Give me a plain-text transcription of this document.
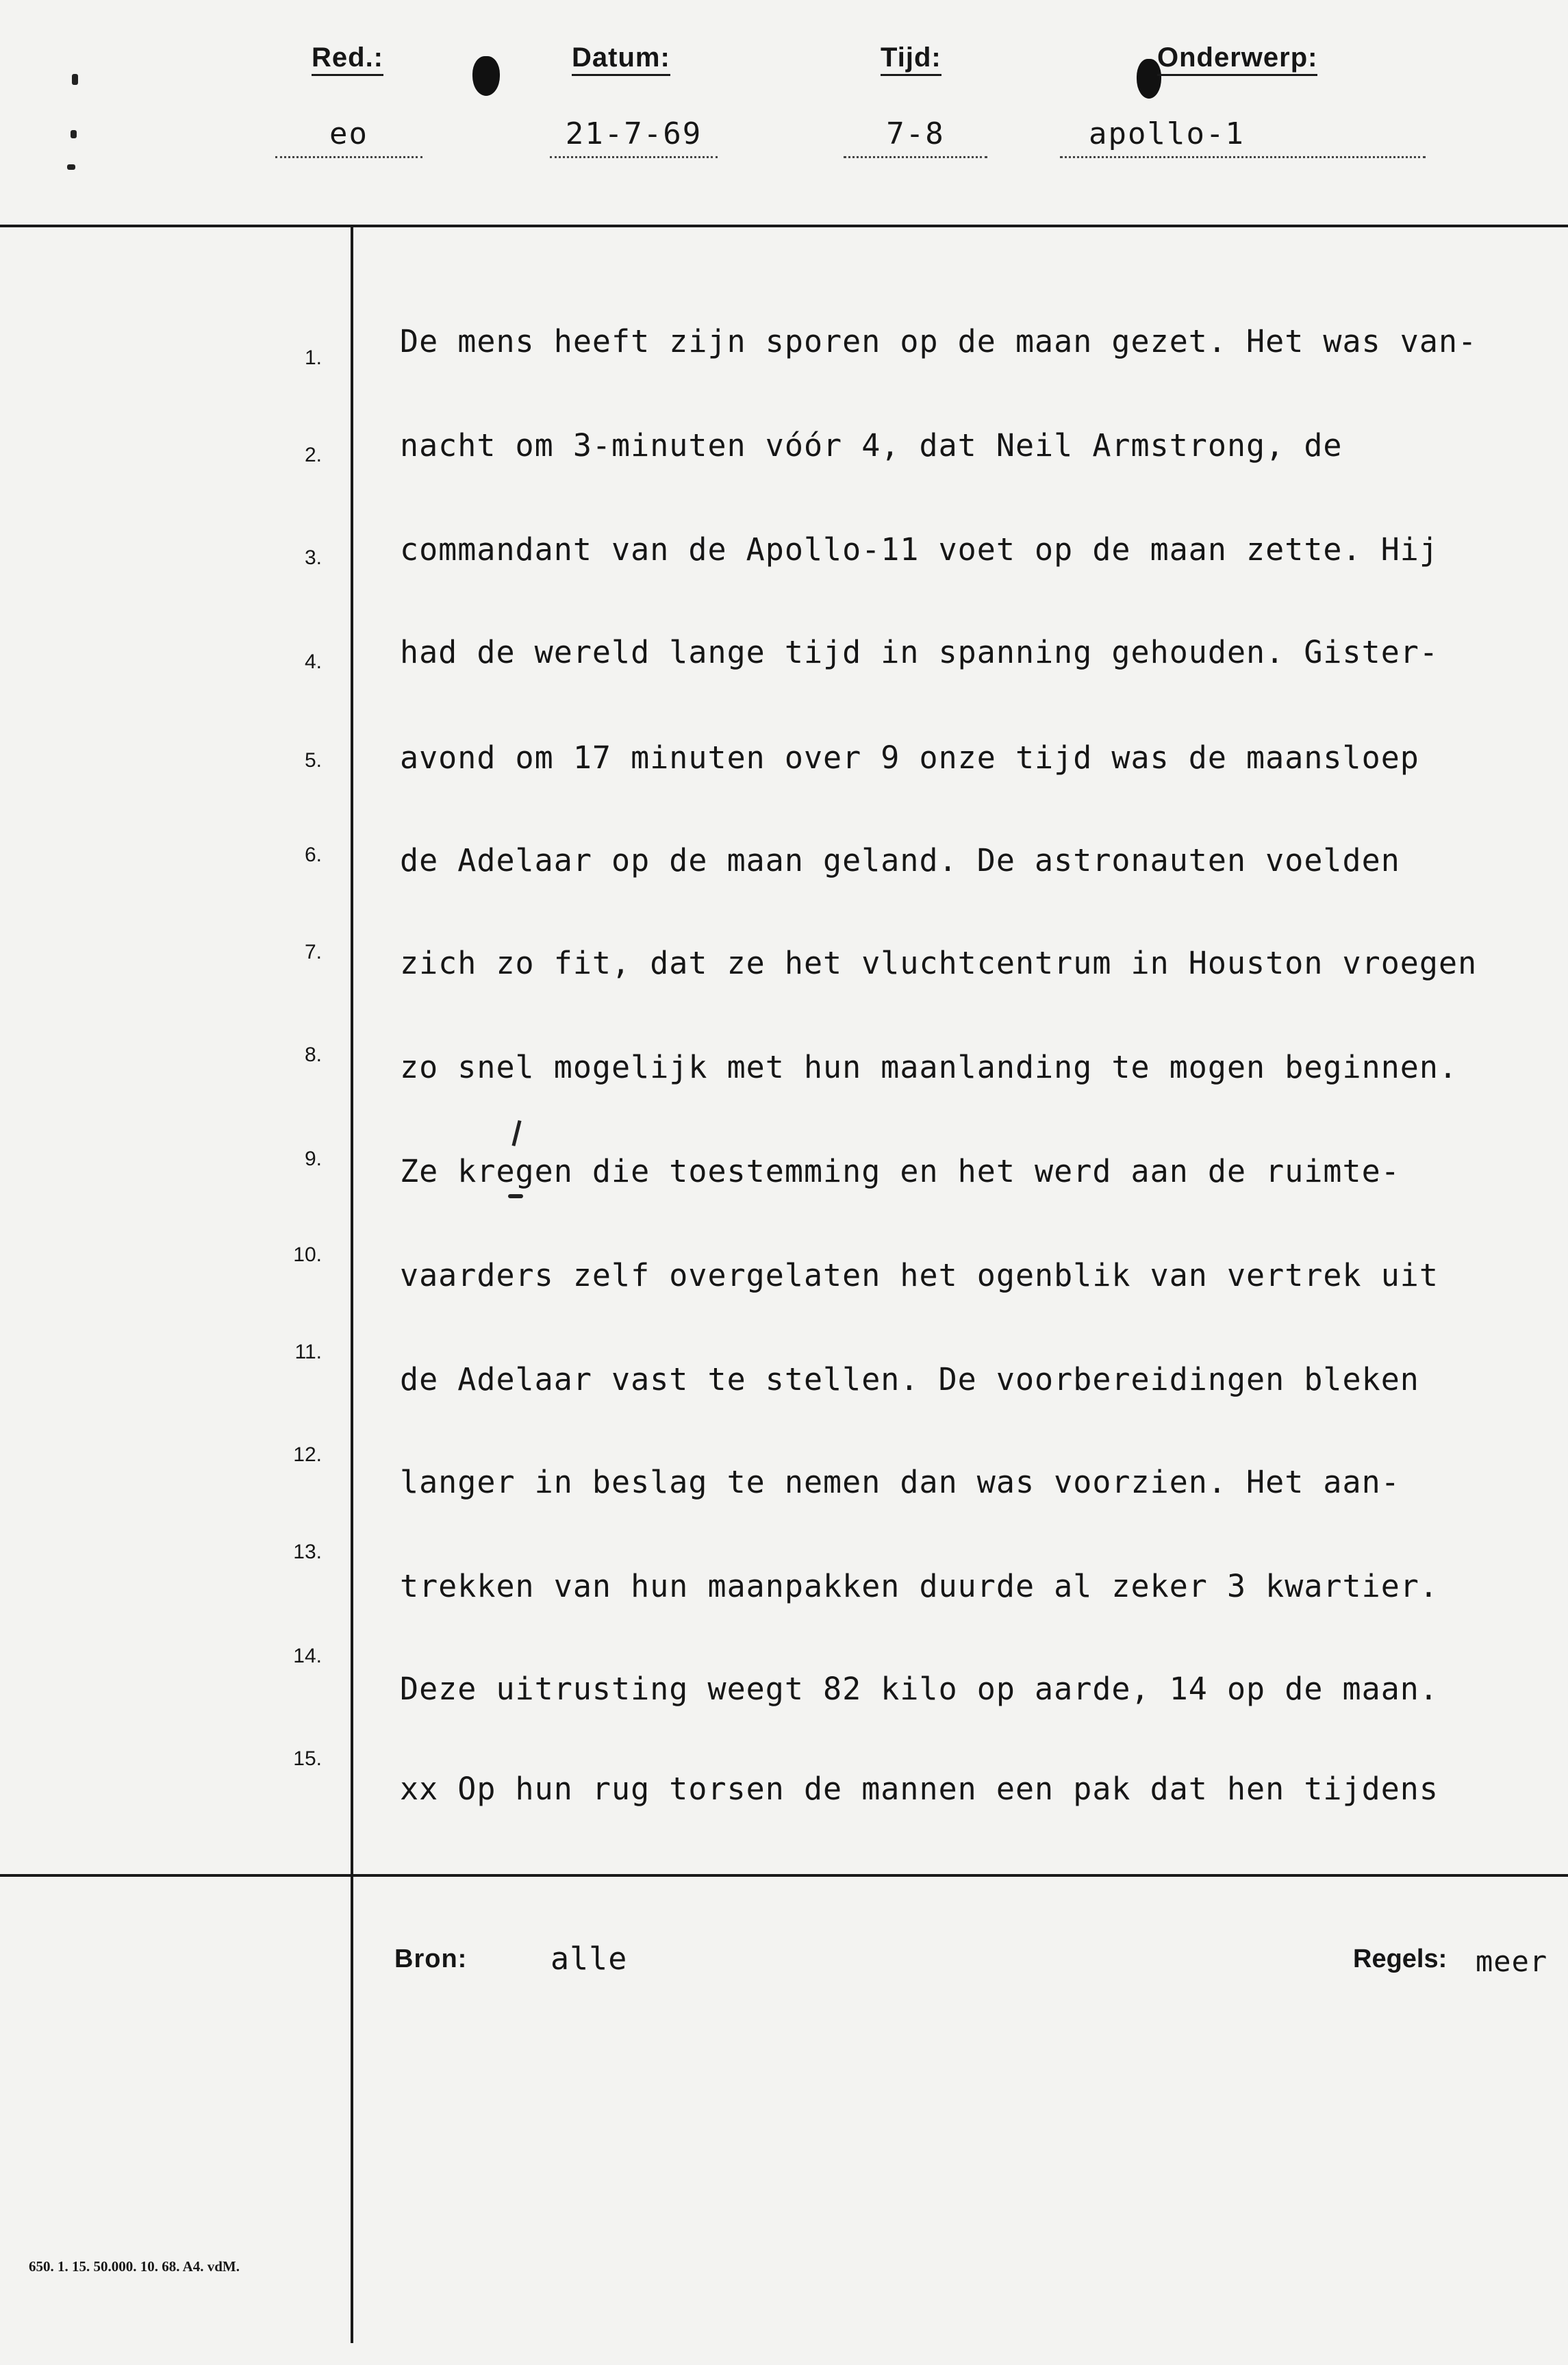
Red.:
eo
Datum:
21-7-69
Tijd:
7-8
Onderwerp:
apollo-1
1.	De mens heeft zijn sporen op de maan gezet. Het was van-
2.	nacht om 3-minuten vóór 4, dat Neil Armstrong, de
3.	commandant van de Apollo-11 voet op de maan zette. Hij
4.	had de wereld lange tijd in spanning gehouden. Gister-
5.	avond om 17 minuten over 9 onze tijd was de maansloep
6.	de Adelaar op de maan geland. De astronauten voelden
7.	zich zo fit, dat ze het vluchtcentrum in Houston vroegen
8.	zo snel mogelijk met hun maanlanding te mogen beginnen.
9.	Ze kregen die toestemming en het werd aan de ruimte-
10.
vaarders zelf overgelaten het ogenblik van vertrek uit
11.
de Adelaar vast te stellen. De voorbereidingen bleken
12.
langer in beslag te nemen dan was voorzien. Het aan-
13.
trekken van hun maanpakken duurde al zeker 3 kwartier.
14.
Deze uitrusting weegt 82 kilo op aarde, 14 op de maan.
15.
xx Op hun rug torsen de mannen een pak dat hen tijdens
Bron:	alle	Regels: meer
650. 1. 15. 50.000. 10. 68. A4. vdM.
